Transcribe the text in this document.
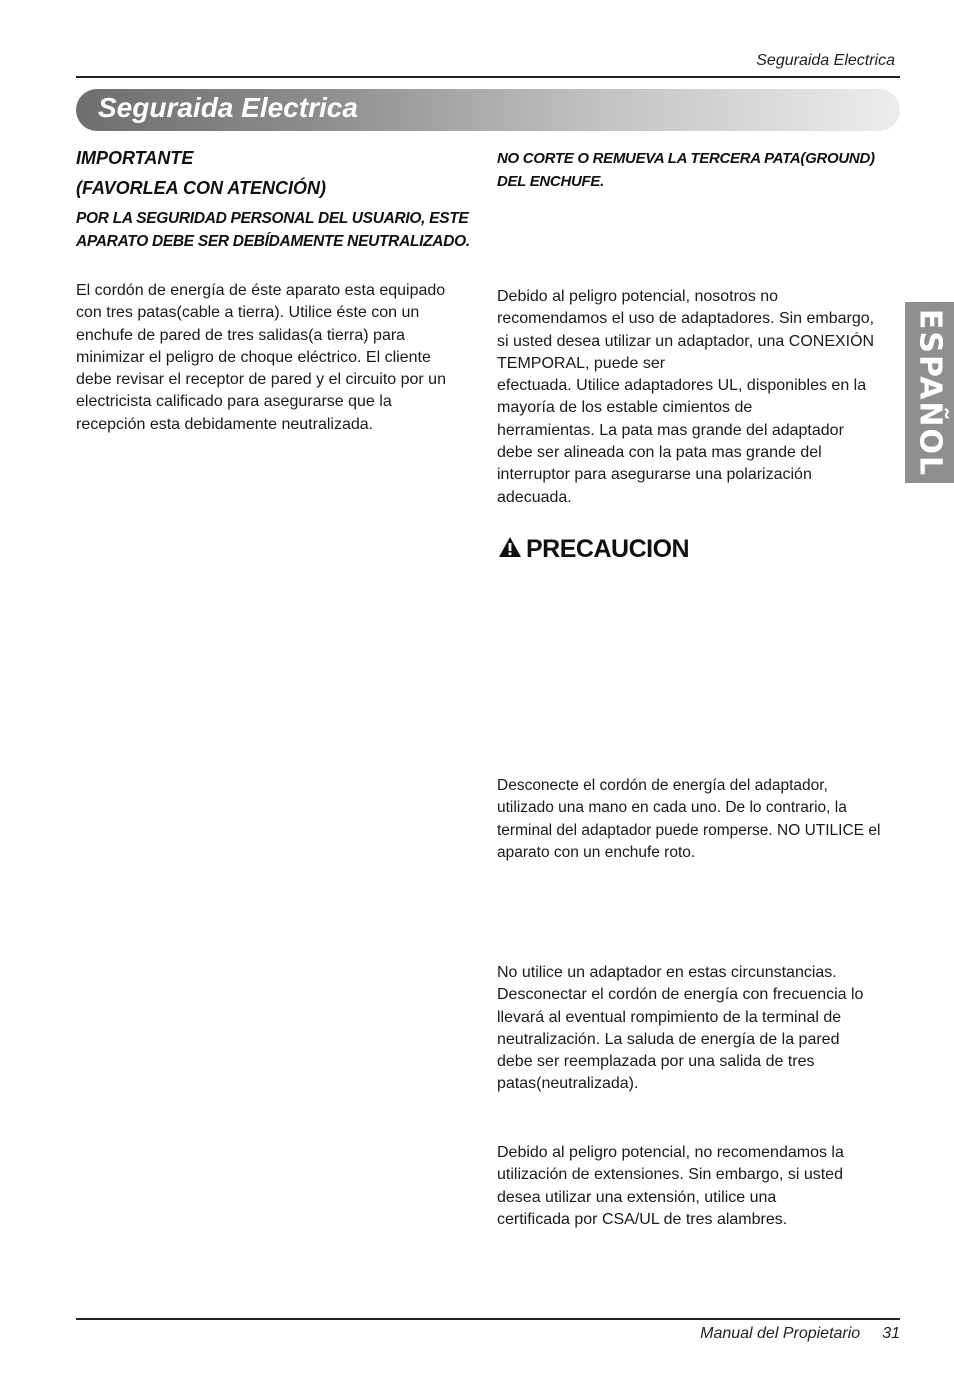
Seguraida Electrica
Seguraida Electrica
ESPAÑOL
IMPORTANTE
(FAVORLEA CON ATENCIÓN)
POR LA SEGURIDAD PERSONAL DEL USUARIO, ESTE
APARATO DEBE SER DEBÍDAMENTE NEUTRALIZADO.
El cordón de energía de éste aparato esta equipado
con tres patas(cable a tierra). Utilice éste con un
enchufe de pared de tres salidas(a tierra) para
minimizar el peligro de choque eléctrico. El cliente
debe revisar el receptor de pared y el circuito por un
electricista calificado para asegurarse que la
recepción esta debidamente neutralizada.
NO CORTE O REMUEVA LA TERCERA PATA(GROUND)
DEL ENCHUFE.
Debido al peligro potencial, nosotros no
recomendamos el uso de adaptadores. Sin embargo,
si usted desea utilizar un adaptador, una CONEXIÓN
TEMPORAL, puede ser
efectuada. Utilice adaptadores UL, disponibles en la
mayoría de los estable cimientos de
herramientas. La pata mas grande del adaptador
debe ser alineada con la pata mas grande del
interruptor para asegurarse una polarización
adecuada.
PRECAUCION
Desconecte el cordón de energía del adaptador,
utilizado una mano en cada uno. De lo contrario, la
terminal del adaptador puede romperse. NO UTILICE el
aparato con un enchufe roto.
No utilice un adaptador en estas circunstancias.
Desconectar el cordón de energía con frecuencia lo
llevará al eventual rompimiento de la terminal de
neutralización. La saluda de energía de la pared
debe ser reemplazada por una salida de tres
patas(neutralizada).
Debido al peligro potencial, no recomendamos la
utilización de extensiones. Sin embargo, si usted
desea utilizar una extensión, utilice una
certificada por CSA/UL de tres alambres.
Manual del Propietario 31
